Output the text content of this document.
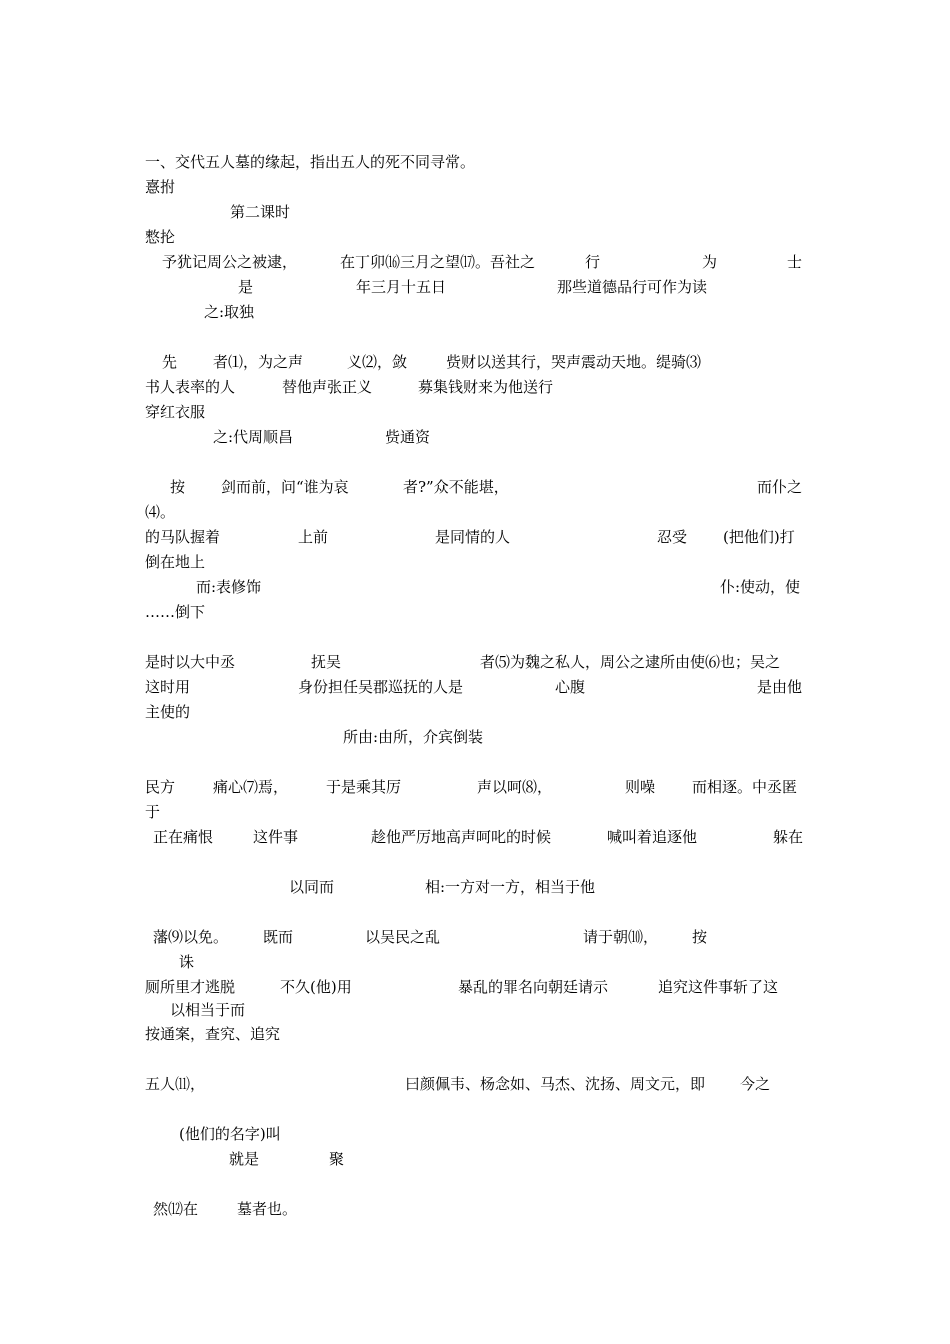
一、交代五人墓的缘起，指出五人的死不同寻常。
憙拊
第二课时
慗抡
予犹记周公之被逮，	在丁卯⒃三月之望⒄。吾社之	行	为	士
是	年三月十五日	那些道德品行可作为读
之:取独
先 者⑴，为之声	义⑵，敛	赀财以送其行，哭声震动天地。缇骑⑶
书人表率的人	替他声张正义	募集钱财来为他送行
穿红衣服
之:代周顺昌	赀通资
按 剑而前，问“谁为哀	者?”众不能堪，	而仆之
⑷。
的马队握着	上前	是同情的人	忍受 (把他们)打
倒在地上
而:表修饰	仆:使动，使
……倒下
是时以大中丞	抚吴	者⑸为魏之私人，周公之逮所由使⑹也；吴之
这时用	身份担任吴郡巡抚的人是	心腹	是由他
主使的
所由:由所，介宾倒装
民方	痛心⑺焉，	于是乘其厉	声以呵⑻，	则噪 而相逐。中丞匿
于
正在痛恨	这件事	趁他严厉地高声呵叱的时候	喊叫着追逐他	躲在
以同而	相:一方对一方，相当于他
藩⑼以免。 既而	以吴民之乱	请于朝⑽， 按
诛
厕所里才逃脱	不久(他)用	暴乱的罪名向朝廷请示	追究这件事斩了这
以相当于而
按通案，查究、追究
五人⑾，	曰颜佩韦、杨念如、马杰、沈扬、周文元，即 今之
(他们的名字)叫
就是	聚
然⑿在	墓者也。
